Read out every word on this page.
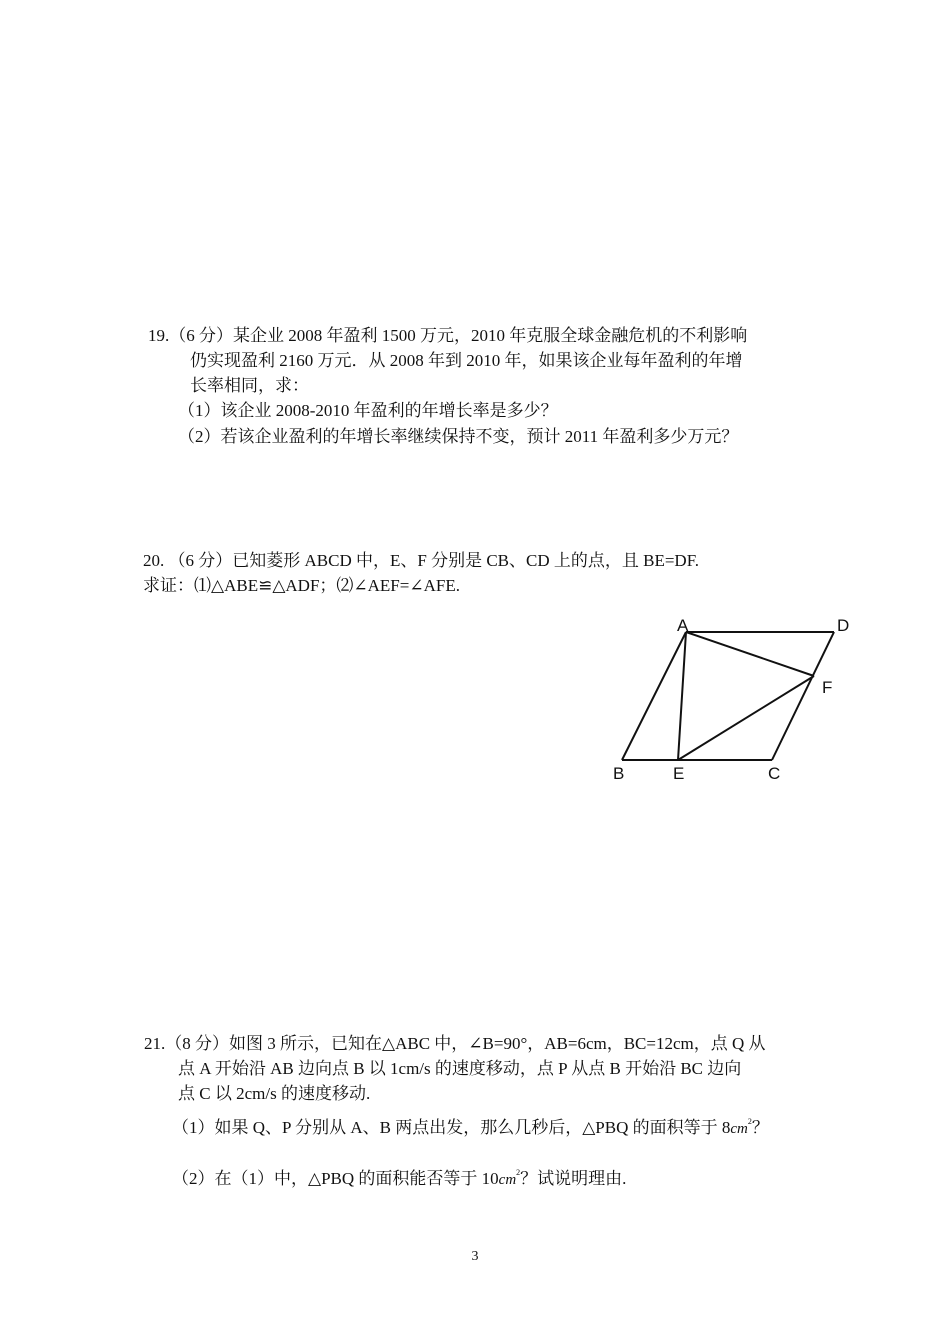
19.（6 分）某企业 2008 年盈利 1500 万元，2010 年克服全球金融危机的不利影响
仍实现盈利 2160 万元．从 2008 年到 2010 年，如果该企业每年盈利的年增
长率相同，求：
（1）该企业 2008-2010 年盈利的年增长率是多少？
（2）若该企业盈利的年增长率继续保持不变，预计 2011 年盈利多少万元？
20. （6 分）已知菱形 ABCD 中，E、F 分别是 CB、CD 上的点，且 BE=DF.
求证：⑴△ABE≌△ADF；⑵∠AEF=∠AFE.
A	D
F
B	E	C
21.（8 分）如图 3 所示，已知在△ABC 中，∠B=90°，AB=6cm，BC=12cm，点 Q 从
点 A 开始沿 AB 边向点 B 以 1cm/s 的速度移动，点 P 从点 B 开始沿 BC 边向
点 C 以 2cm/s 的速度移动.
（1）如果 Q、P 分别从 A、B 两点出发，那么几秒后，△PBQ 的面积等于 $8cm^2$？
（2）在（1）中，△PBQ 的面积能否等于 $10cm^2$？试说明理由.
3
